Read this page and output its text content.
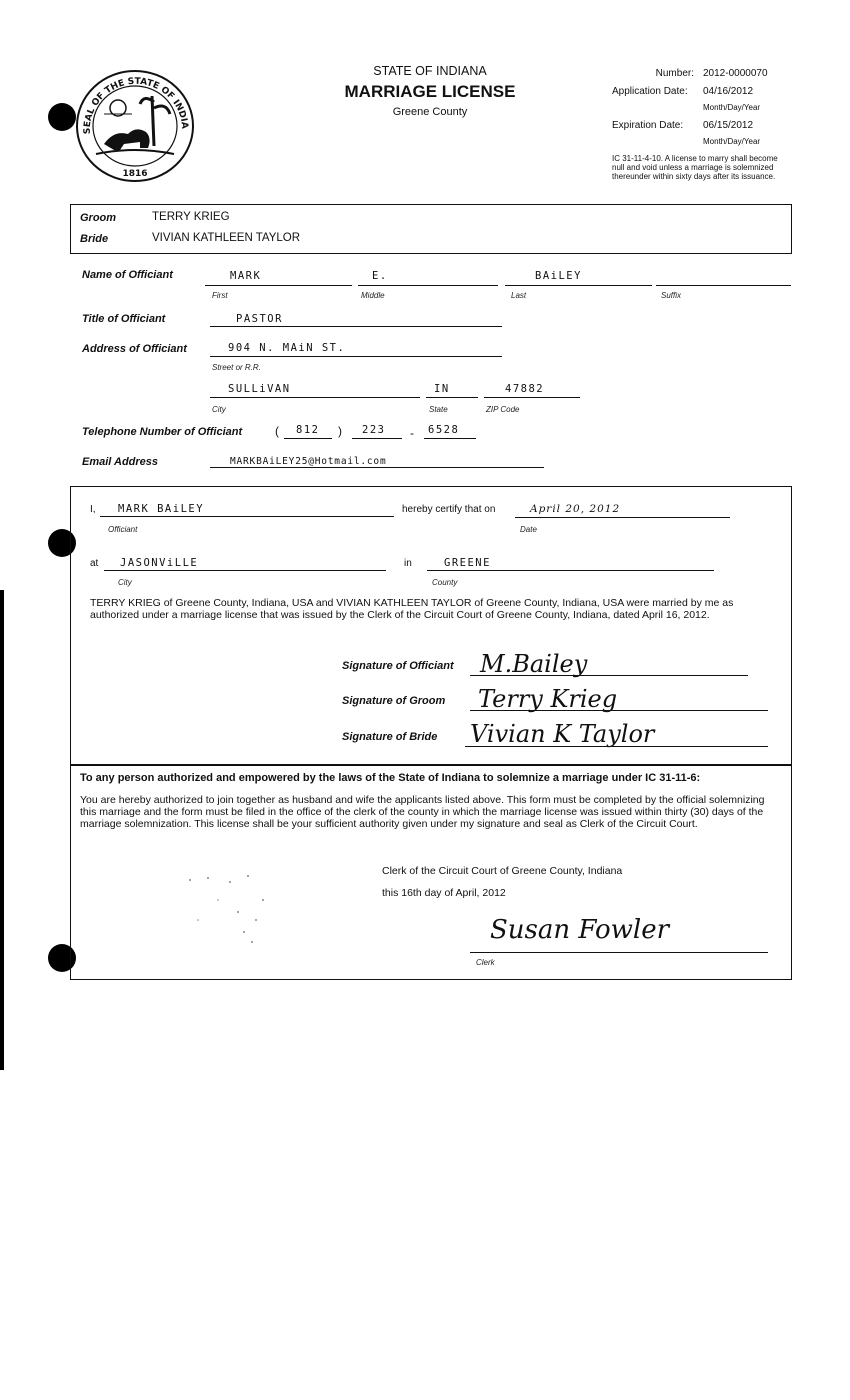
SEAL OF THE STATE OF INDIA
1816
STATE OF INDIANA
MARRIAGE LICENSE
Greene County
Number: 2012-0000070
Application Date: 04/16/2012
Month/Day/Year
Expiration Date: 06/15/2012
Month/Day/Year
IC 31-11-4-10. A license to marry shall become null and void unless a marriage is solemnized thereunder within sixty days after its issuance.
Groom	TERRY KRIEG
Bride	VIVIAN KATHLEEN TAYLOR
Name of Officiant	MARK	E.	BAiLEY
First	Middle	Last	Suffix
Title of Officiant	PASTOR
Address of Officiant	904 N. MAiN ST.
Street or R.R.
SULLiVAN	IN	47882
City	State	ZIP Code
Telephone Number of Officiant	( 812 ) 223 - 6528
Email Address	MARKBAiLEY25@Hotmail.com
I, MARK BAiLEY
Officiant
hereby certify that on	April 20, 2012
Date
at JASONViLLE
City
in	GREENE
County
TERRY KRIEG of Greene County, Indiana, USA and VIVIAN KATHLEEN TAYLOR of Greene County, Indiana, USA were married by me as authorized under a marriage license that was issued by the Clerk of the Circuit Court of Greene County, Indiana, dated April 16, 2012.
Signature of Officiant M.Bailey
Signature of Groom Terry Krieg
Signature of Bride Vivian K Taylor
To any person authorized and empowered by the laws of the State of Indiana to solemnize a marriage under IC 31-11-6:
You are hereby authorized to join together as husband and wife the applicants listed above. This form must be completed by the official solemnizing this marriage and the form must be filed in the office of the clerk of the county in which the marriage license was issued within thirty (30) days of the marriage solemnization. This license shall be your sufficient authority given under my signature and seal as Clerk of the Circuit Court.
Clerk of the Circuit Court of Greene County, Indiana
this 16th day of April, 2012
Susan Fowler
Clerk
